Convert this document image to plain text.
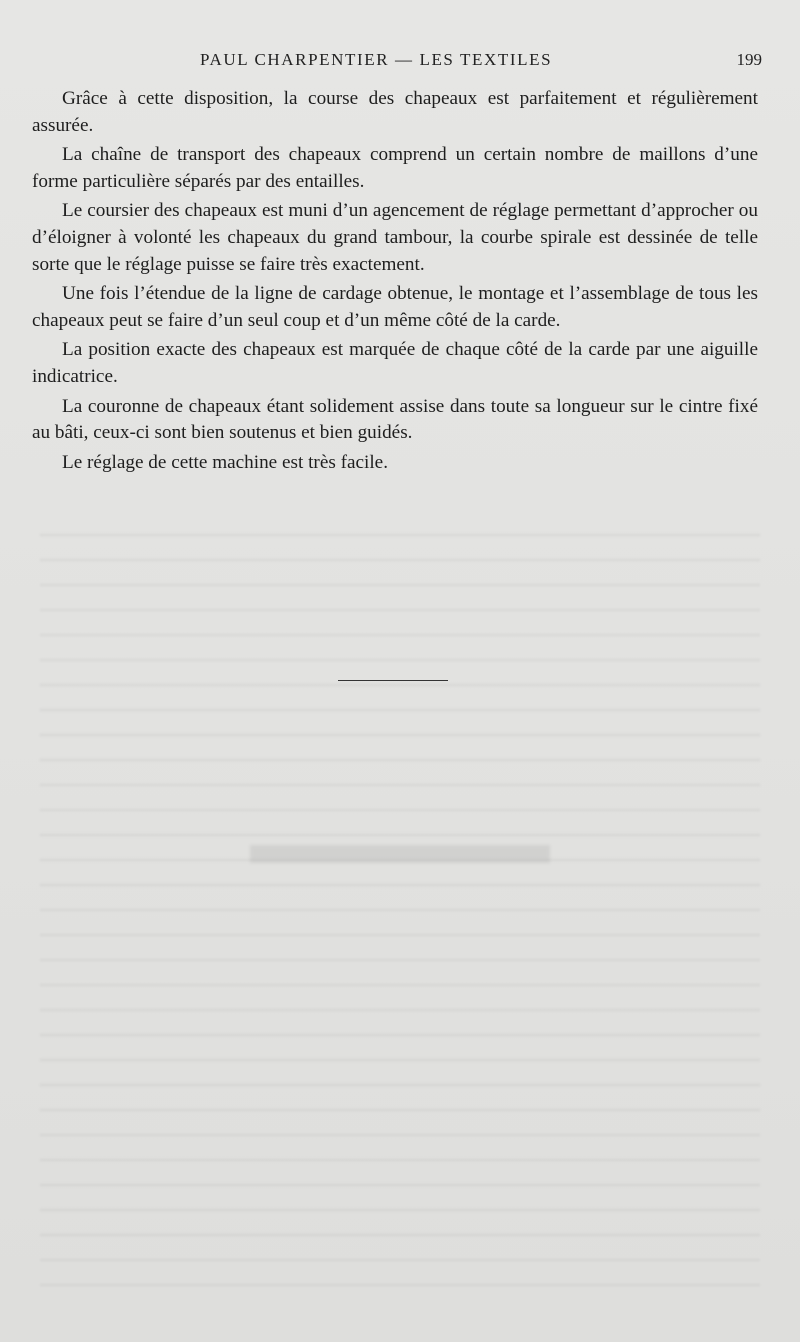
PAUL CHARPENTIER — LES TEXTILES	199

Grâce à cette disposition, la course des chapeaux est parfaitement et régulièrement assurée.

La chaîne de transport des chapeaux comprend un certain nombre de maillons d’une forme particulière séparés par des entailles.

Le coursier des chapeaux est muni d’un agencement de réglage permettant d’approcher ou d’éloigner à volonté les chapeaux du grand tambour, la courbe spirale est dessinée de telle sorte que le réglage puisse se faire très exactement.

Une fois l’étendue de la ligne de cardage obtenue, le montage et l’assemblage de tous les chapeaux peut se faire d’un seul coup et d’un même côté de la carde.

La position exacte des chapeaux est marquée de chaque côté de la carde par une aiguille indicatrice.

La couronne de chapeaux étant solidement assise dans toute sa longueur sur le cintre fixé au bâti, ceux-ci sont bien soutenus et bien guidés.

Le réglage de cette machine est très facile.
